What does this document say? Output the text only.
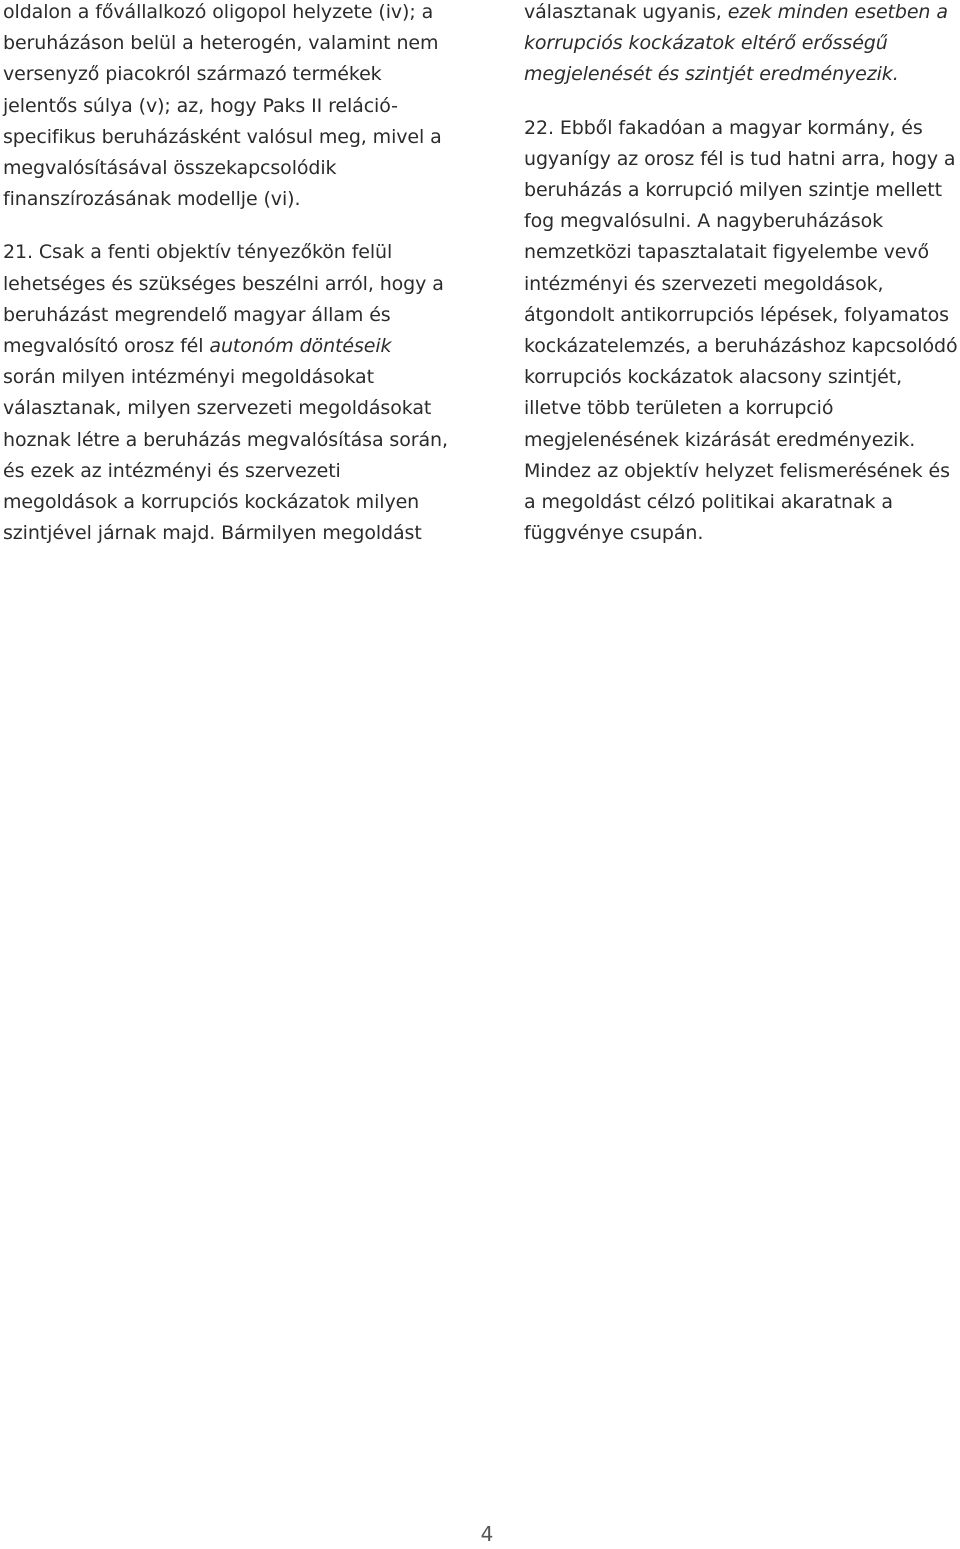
oldalon a fővállalkozó oligopol helyzete (iv); a
beruházáson belül a heterogén, valamint nem
versenyző piacokról származó termékek
jelentős súlya (v); az, hogy Paks II reláció-
specifikus beruházásként valósul meg, mivel a
megvalósításával összekapcsolódik
finanszírozásának modellje (vi).

21. Csak a fenti objektív tényezőkön felül
lehetséges és szükséges beszélni arról, hogy a
beruházást megrendelő magyar állam és
megvalósító orosz fél autonóm döntéseik
során milyen intézményi megoldásokat
választanak, milyen szervezeti megoldásokat
hoznak létre a beruházás megvalósítása során,
és ezek az intézményi és szervezeti
megoldások a korrupciós kockázatok milyen
szintjével járnak majd. Bármilyen megoldást

választanak ugyanis, ezek minden esetben a
korrupciós kockázatok eltérő erősségű
megjelenését és szintjét eredményezik.

22. Ebből fakadóan a magyar kormány, és
ugyanígy az orosz fél is tud hatni arra, hogy a
beruházás a korrupció milyen szintje mellett
fog megvalósulni. A nagyberuházások
nemzetközi tapasztalatait figyelembe vevő
intézményi és szervezeti megoldások,
átgondolt antikorrupciós lépések, folyamatos
kockázatelemzés, a beruházáshoz kapcsolódó
korrupciós kockázatok alacsony szintjét,
illetve több területen a korrupció
megjelenésének kizárását eredményezik.
Mindez az objektív helyzet felismerésének és
a megoldást célzó politikai akaratnak a
függvénye csupán.

4
